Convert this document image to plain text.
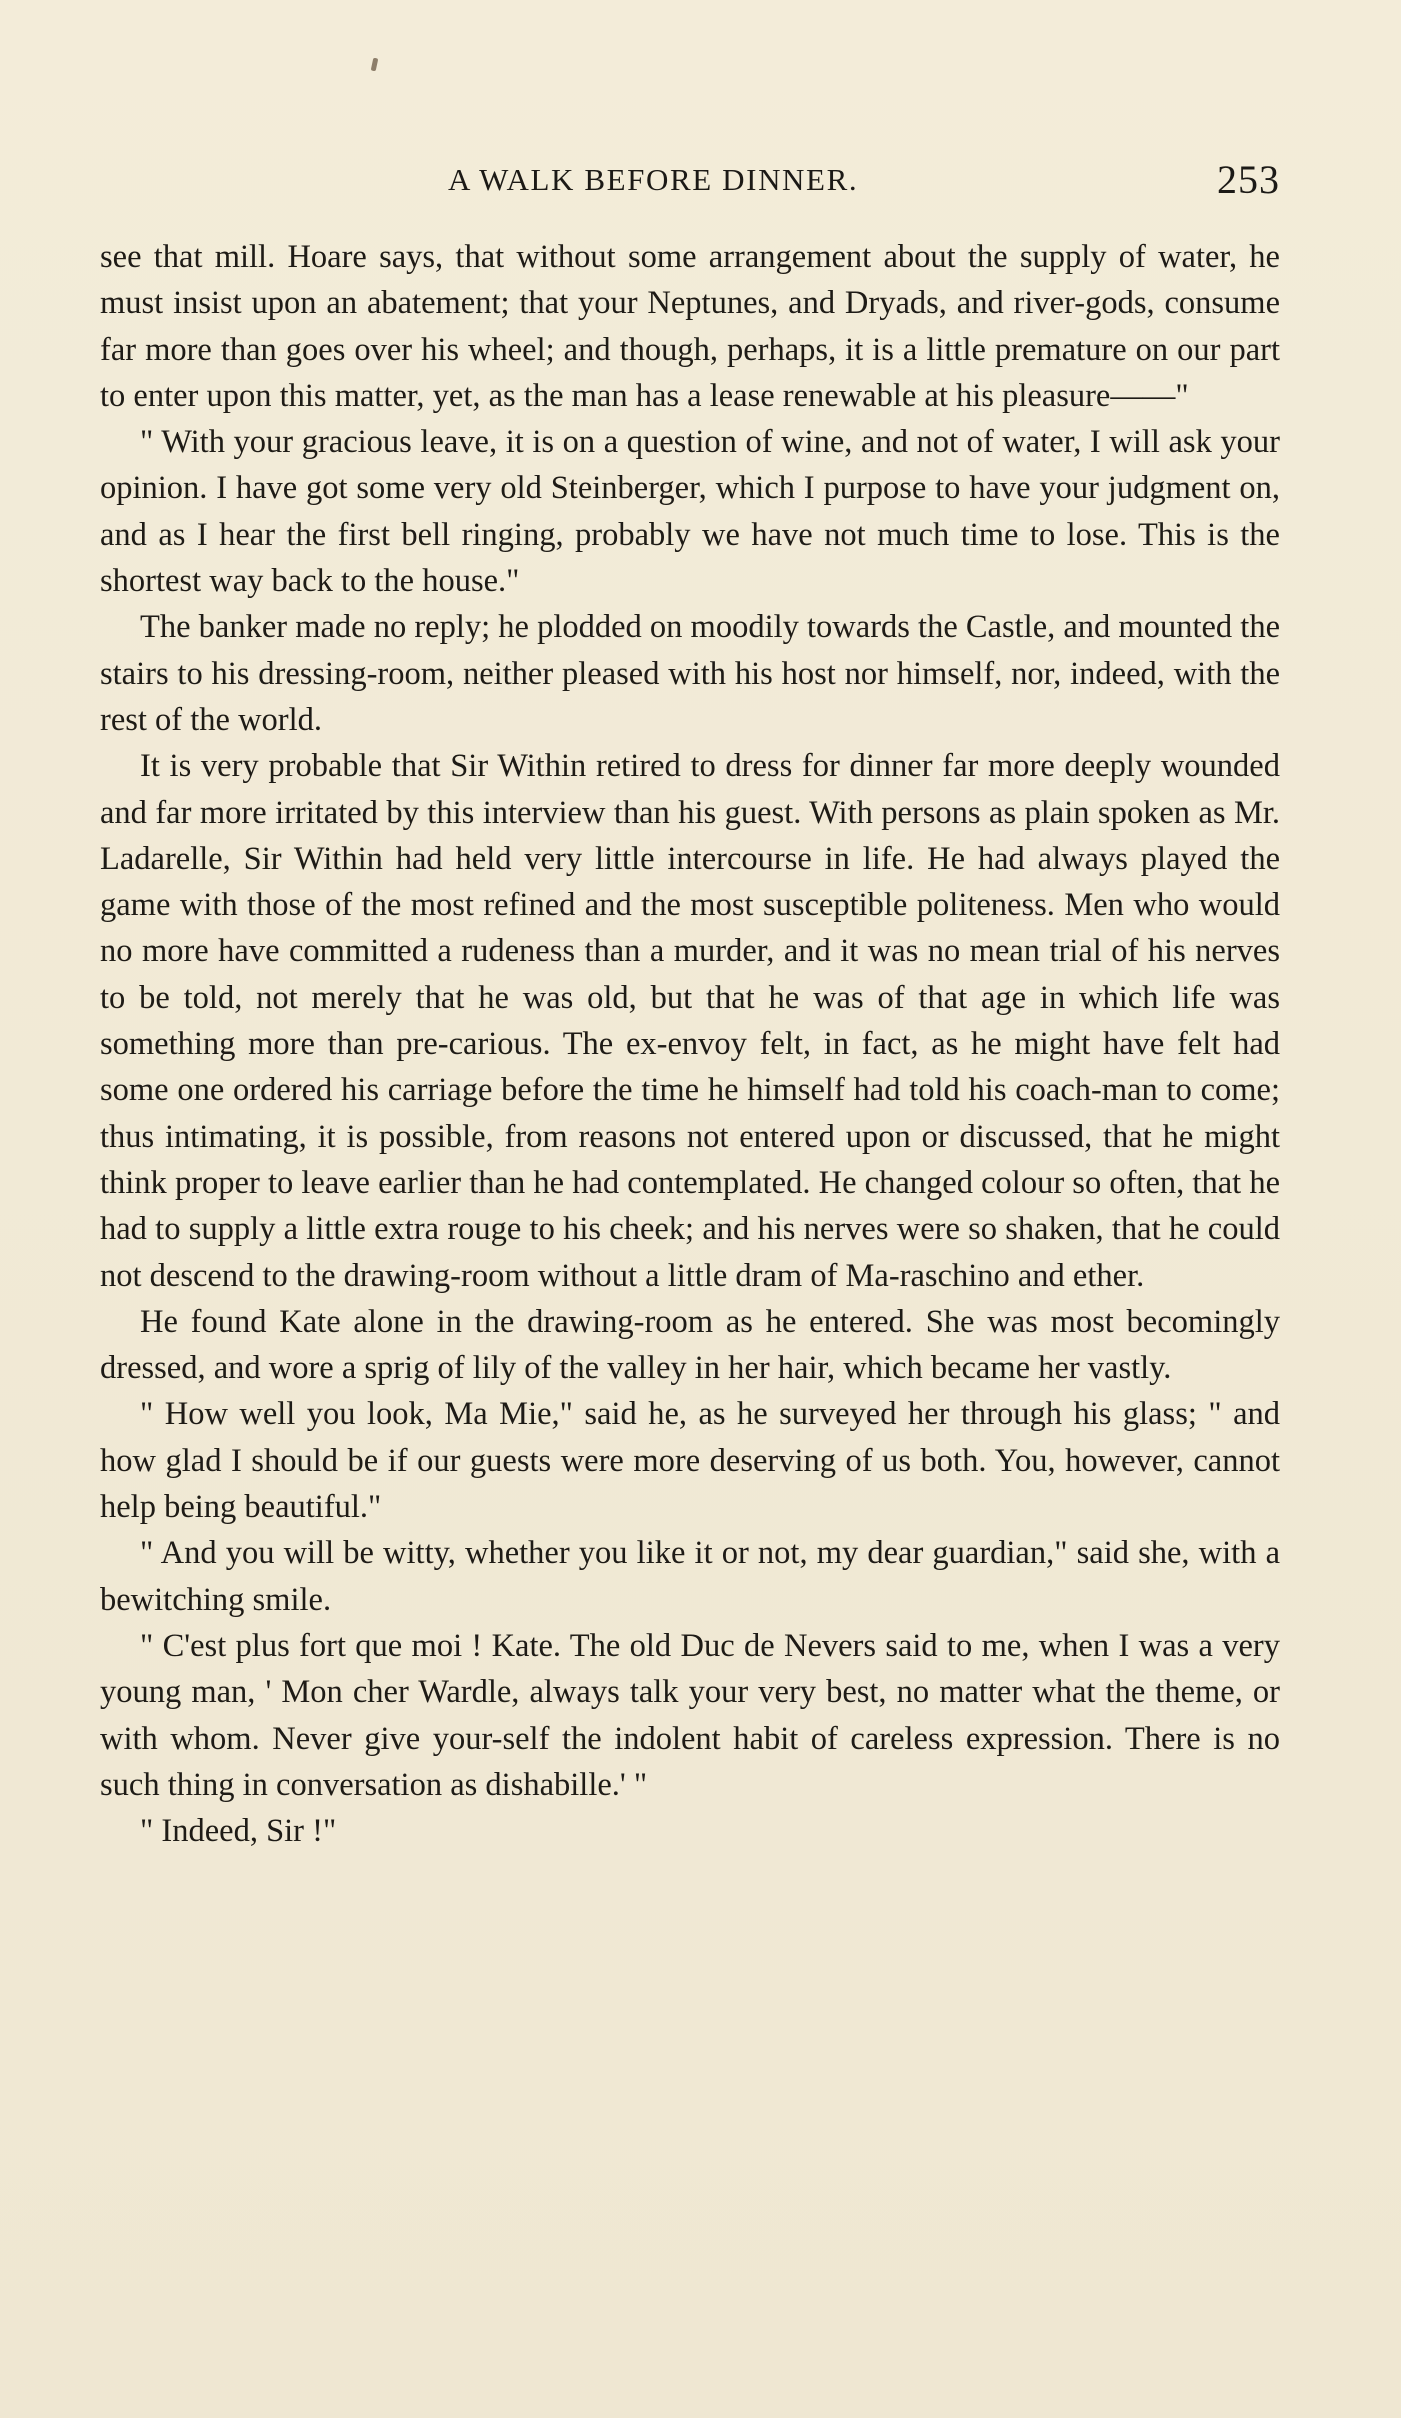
A WALK BEFORE DINNER.	253

see that mill. Hoare says, that without some arrangement about the supply of water, he must insist upon an abatement; that your Neptunes, and Dryads, and river-gods, consume far more than goes over his wheel; and though, perhaps, it is a little premature on our part to enter upon this matter, yet, as the man has a lease renewable at his pleasure——"

" With your gracious leave, it is on a question of wine, and not of water, I will ask your opinion. I have got some very old Steinberger, which I purpose to have your judgment on, and as I hear the first bell ringing, probably we have not much time to lose. This is the shortest way back to the house."

The banker made no reply; he plodded on moodily towards the Castle, and mounted the stairs to his dressing-room, neither pleased with his host nor himself, nor, indeed, with the rest of the world.

It is very probable that Sir Within retired to dress for dinner far more deeply wounded and far more irritated by this interview than his guest. With persons as plain spoken as Mr. Ladarelle, Sir Within had held very little intercourse in life. He had always played the game with those of the most refined and the most susceptible politeness. Men who would no more have committed a rudeness than a murder, and it was no mean trial of his nerves to be told, not merely that he was old, but that he was of that age in which life was something more than pre-carious. The ex-envoy felt, in fact, as he might have felt had some one ordered his carriage before the time he himself had told his coach-man to come; thus intimating, it is possible, from reasons not entered upon or discussed, that he might think proper to leave earlier than he had contemplated. He changed colour so often, that he had to supply a little extra rouge to his cheek; and his nerves were so shaken, that he could not descend to the drawing-room without a little dram of Ma-raschino and ether.

He found Kate alone in the drawing-room as he entered. She was most becomingly dressed, and wore a sprig of lily of the valley in her hair, which became her vastly.

" How well you look, Ma Mie," said he, as he surveyed her through his glass; " and how glad I should be if our guests were more deserving of us both. You, however, cannot help being beautiful."

" And you will be witty, whether you like it or not, my dear guardian," said she, with a bewitching smile.

" C'est plus fort que moi ! Kate. The old Duc de Nevers said to me, when I was a very young man, ' Mon cher Wardle, always talk your very best, no matter what the theme, or with whom. Never give your-self the indolent habit of careless expression. There is no such thing in conversation as dishabille.' "

" Indeed, Sir !"
